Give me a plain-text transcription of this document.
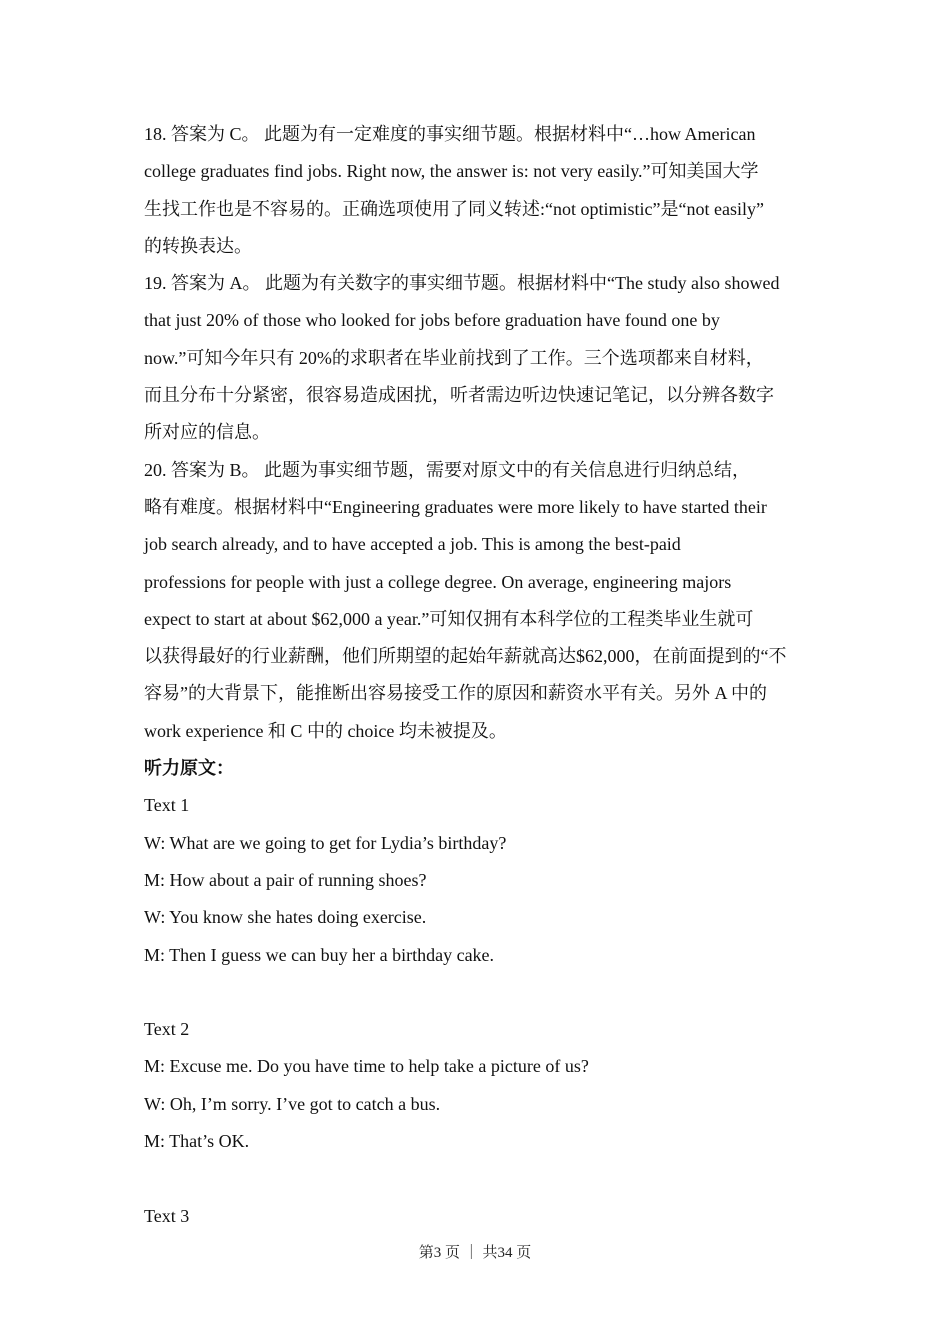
18. 答案为 C。 此题为有一定难度的事实细节题。根据材料中“…how American
college graduates find jobs. Right now, the answer is: not very easily.”可知美国大学
生找工作也是不容易的。正确选项使用了同义转述:“not optimistic”是“not easily”
的转换表达。
19. 答案为 A。 此题为有关数字的事实细节题。根据材料中“The study also showed
that just 20% of those who looked for jobs before graduation have found one by
now.”可知今年只有 20%的求职者在毕业前找到了工作。三个选项都来自材料，
而且分布十分紧密，很容易造成困扰，听者需边听边快速记笔记，以分辨各数字
所对应的信息。
20. 答案为 B。 此题为事实细节题，需要对原文中的有关信息进行归纳总结，
略有难度。根据材料中“Engineering graduates were more likely to have started their
job search already, and to have accepted a job. This is among the best-paid
professions for people with just a college degree. On average, engineering majors
expect to start at about $62,000 a year.”可知仅拥有本科学位的工程类毕业生就可
以获得最好的行业薪酬，他们所期望的起始年薪就高达$62,000，在前面提到的“不
容易”的大背景下，能推断出容易接受工作的原因和薪资水平有关。另外 A 中的
work experience 和 C 中的 choice 均未被提及。
听力原文：
Text 1
W: What are we going to get for Lydia’s birthday?
M: How about a pair of running shoes?
W: You know she hates doing exercise.
M: Then I guess we can buy her a birthday cake.
Text 2
M: Excuse me. Do you have time to help take a picture of us?
W: Oh, I’m sorry. I’ve got to catch a bus.
M: That’s OK.
Text 3
第3 页 ｜ 共34 页
